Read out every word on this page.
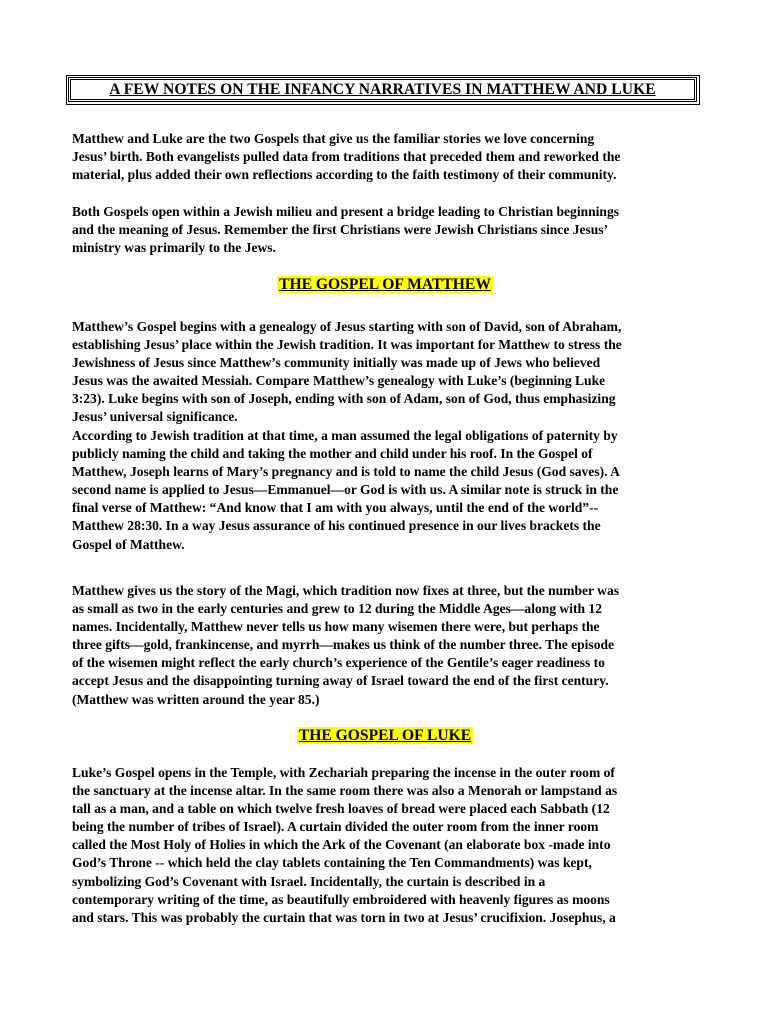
A FEW NOTES ON THE INFANCY NARRATIVES IN MATTHEW AND LUKE
Matthew and Luke are the two Gospels that give us the familiar stories we love concerning
Jesus’ birth. Both evangelists pulled data from traditions that preceded them and reworked the
material, plus added their own reflections according to the faith testimony of their community.
Both Gospels open within a Jewish milieu and present a bridge leading to Christian beginnings
and the meaning of Jesus. Remember the first Christians were Jewish Christians since Jesus’
ministry was primarily to the Jews.
THE GOSPEL OF MATTHEW
Matthew’s Gospel begins with a genealogy of Jesus starting with son of David, son of Abraham,
establishing Jesus’ place within the Jewish tradition. It was important for Matthew to stress the
Jewishness of Jesus since Matthew’s community initially was made up of Jews who believed
Jesus was the awaited Messiah. Compare Matthew’s genealogy with Luke’s (beginning Luke
3:23). Luke begins with son of Joseph, ending with son of Adam, son of God, thus emphasizing
Jesus’ universal significance.
According to Jewish tradition at that time, a man assumed the legal obligations of paternity by
publicly naming the child and taking the mother and child under his roof. In the Gospel of
Matthew, Joseph learns of Mary’s pregnancy and is told to name the child Jesus (God saves). A
second name is applied to Jesus—Emmanuel—or God is with us. A similar note is struck in the
final verse of Matthew: “And know that I am with you always, until the end of the world”--
Matthew 28:30. In a way Jesus assurance of his continued presence in our lives brackets the
Gospel of Matthew.
Matthew gives us the story of the Magi, which tradition now fixes at three, but the number was
as small as two in the early centuries and grew to 12 during the Middle Ages—along with 12
names. Incidentally, Matthew never tells us how many wisemen there were, but perhaps the
three gifts—gold, frankincense, and myrrh—makes us think of the number three. The episode
of the wisemen might reflect the early church’s experience of the Gentile’s eager readiness to
accept Jesus and the disappointing turning away of Israel toward the end of the first century.
(Matthew was written around the year 85.)
THE GOSPEL OF LUKE
Luke’s Gospel opens in the Temple, with Zechariah preparing the incense in the outer room of
the sanctuary at the incense altar. In the same room there was also a Menorah or lampstand as
tall as a man, and a table on which twelve fresh loaves of bread were placed each Sabbath (12
being the number of tribes of Israel). A curtain divided the outer room from the inner room
called the Most Holy of Holies in which the Ark of the Covenant (an elaborate box -made into
God’s Throne -- which held the clay tablets containing the Ten Commandments) was kept,
symbolizing God’s Covenant with Israel. Incidentally, the curtain is described in a
contemporary writing of the time, as beautifully embroidered with heavenly figures as moons
and stars. This was probably the curtain that was torn in two at Jesus’ crucifixion. Josephus, a
